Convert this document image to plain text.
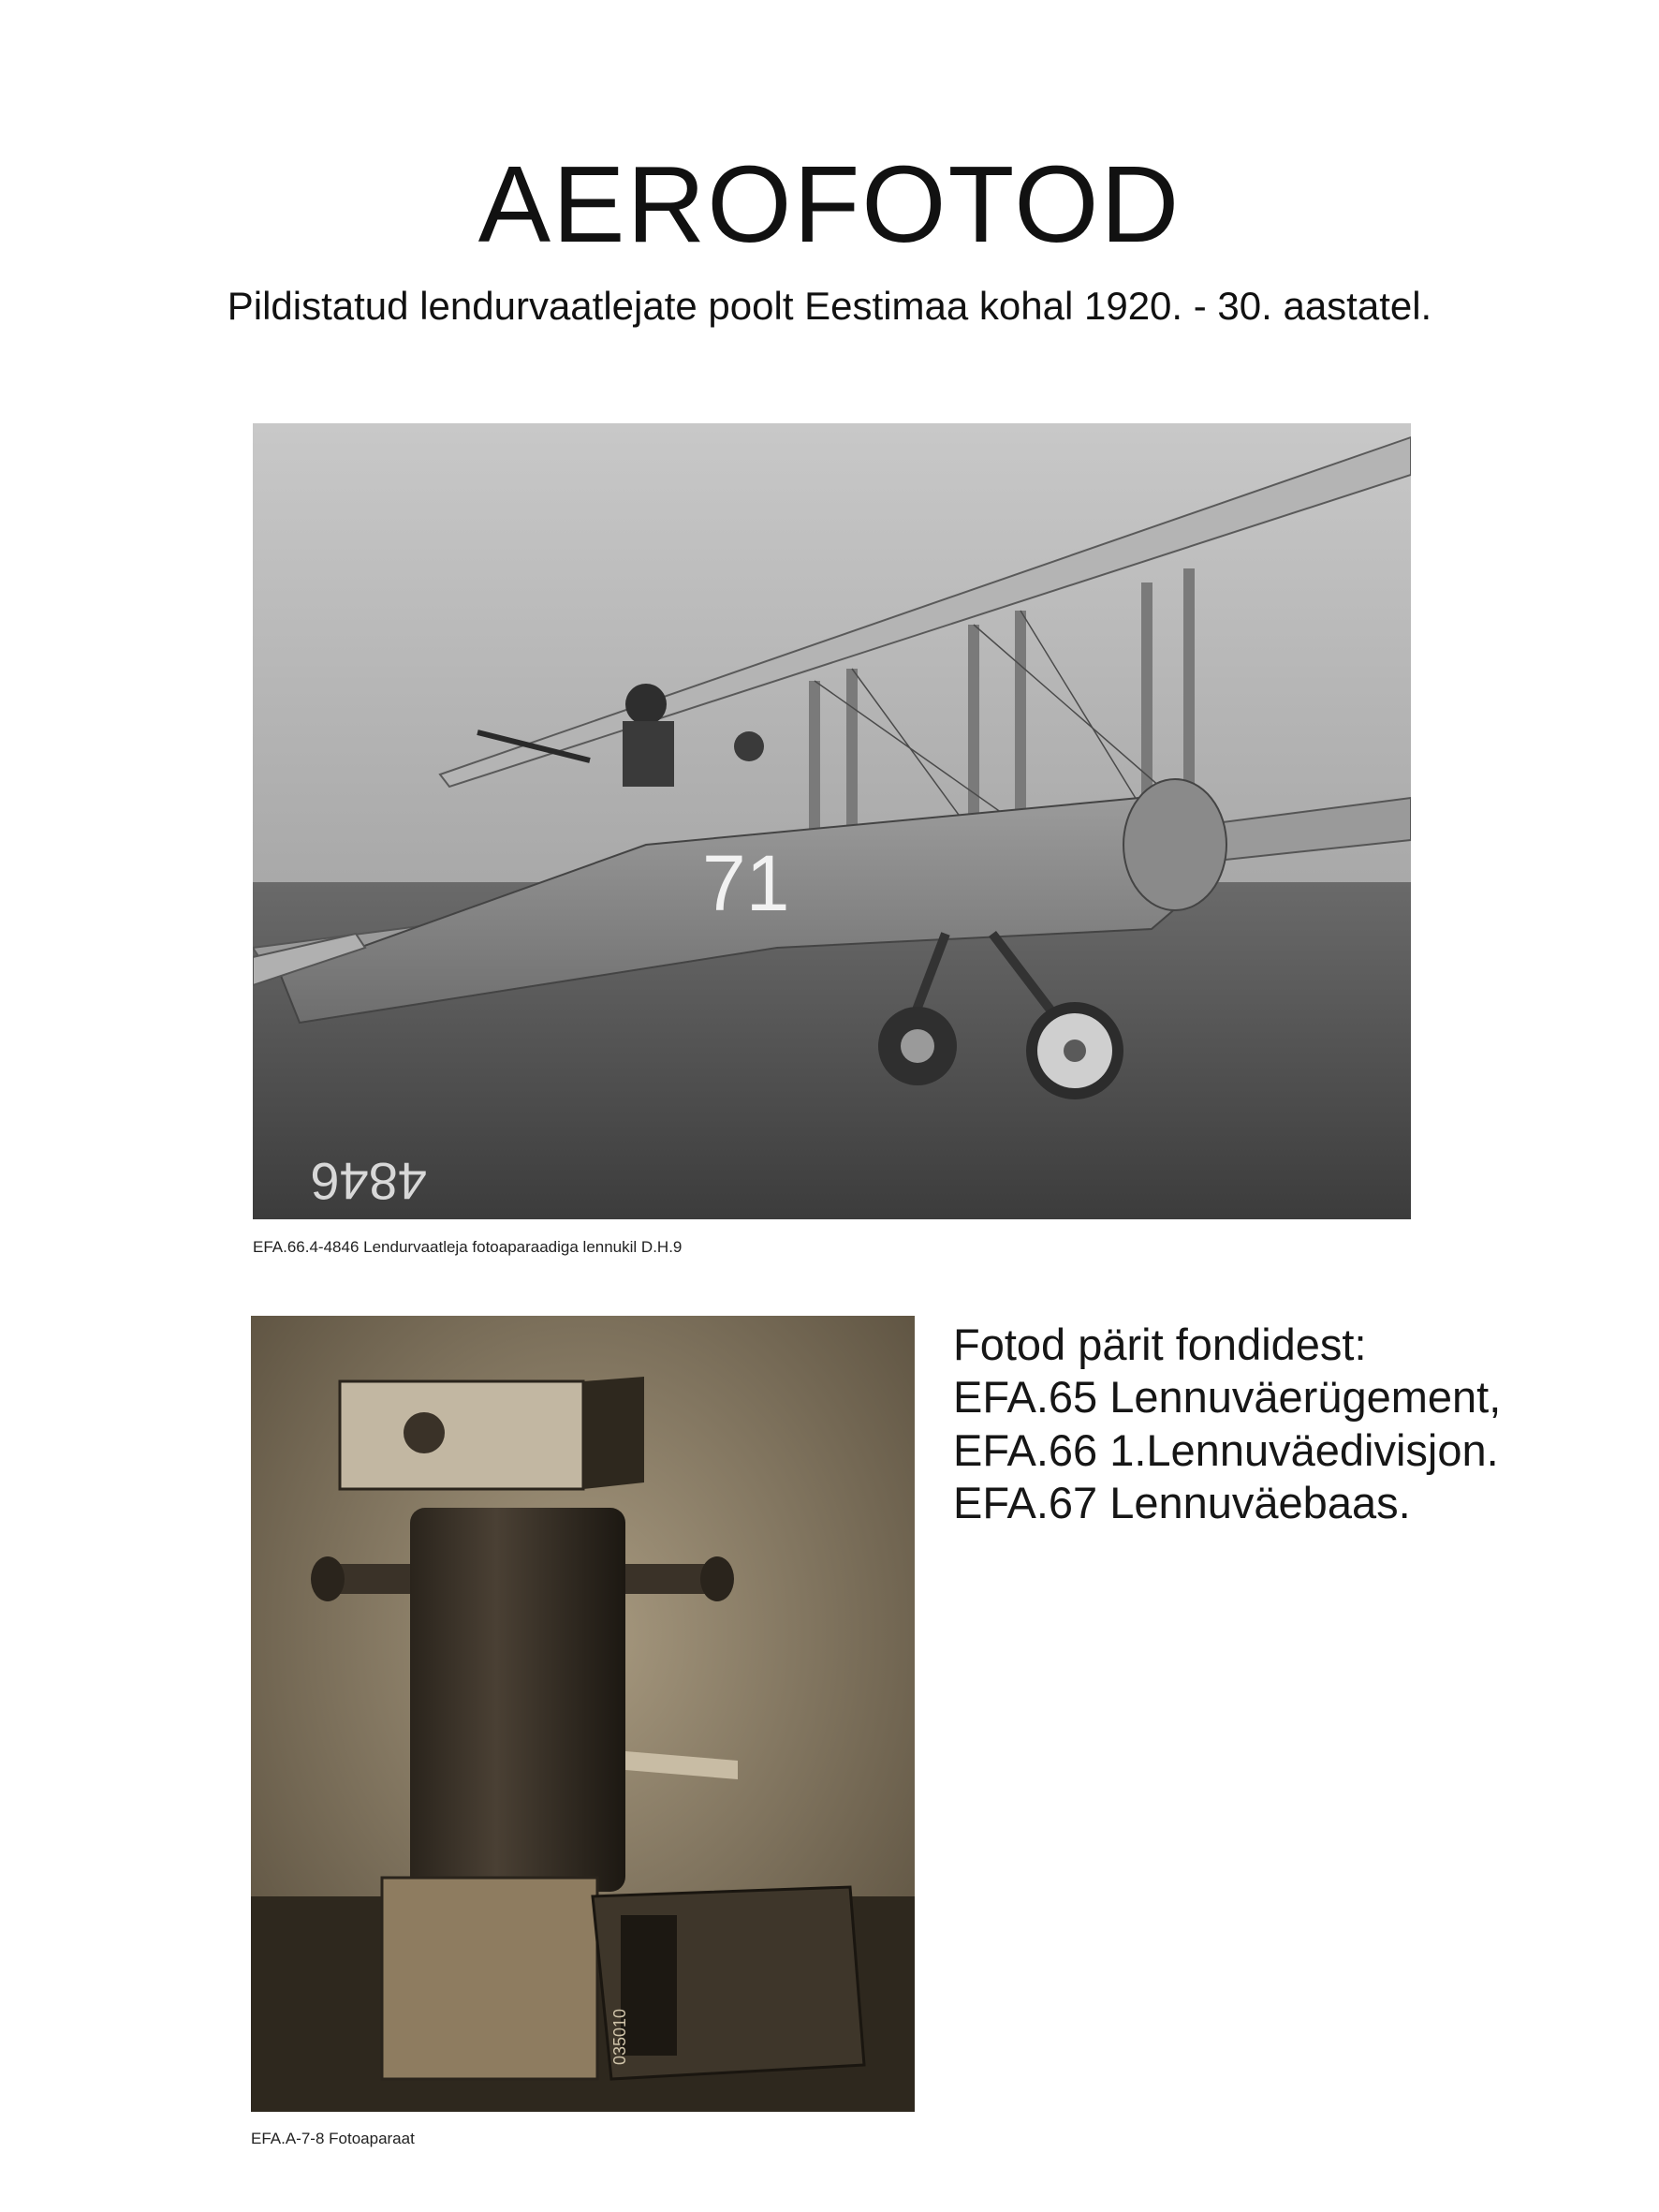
AEROFOTOD

Pildistatud lendurvaatlejate poolt Eestimaa kohal 1920. - 30. aastatel.

71
4846
EFA.66.4-4846 Lendurvaatleja fotoaparaadiga lennukil D.H.9
035010
EFA.A-7-8 Fotoaparaat
Fotod pärit fondidest:
EFA.65 Lennuväerügement,
EFA.66 1.Lennuväedivisjon.
EFA.67 Lennuväebaas.
